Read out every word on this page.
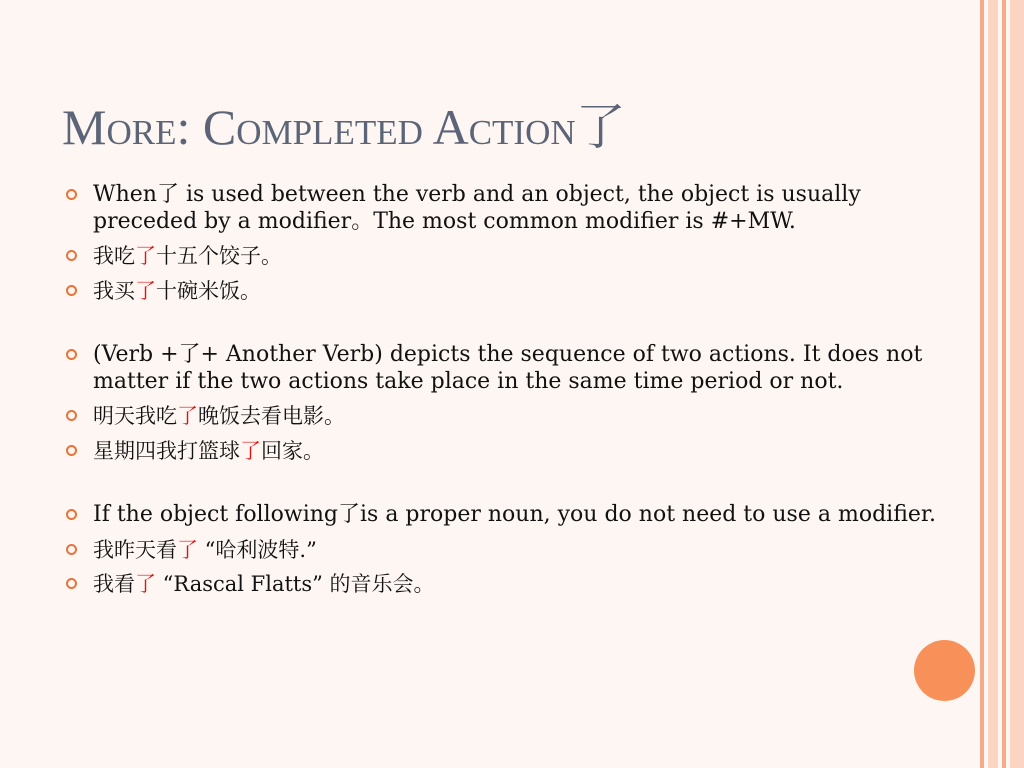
More: Completed Action了
When了 is used between the verb and an object, the object is usually preceded by a modifier。The most common modifier is #+MW.
我吃了十五个饺子。
我买了十碗米饭。
(Verb +了+ Another Verb) depicts the sequence of two actions. It does not matter if the two actions take place in the same time period or not.
明天我吃了晚饭去看电影。
星期四我打篮球了回家。
If the object following了is a proper noun, you do not need to use a modifier.
我昨天看了 “哈利波特.”
我看了 “Rascal Flatts” 的音乐会。
